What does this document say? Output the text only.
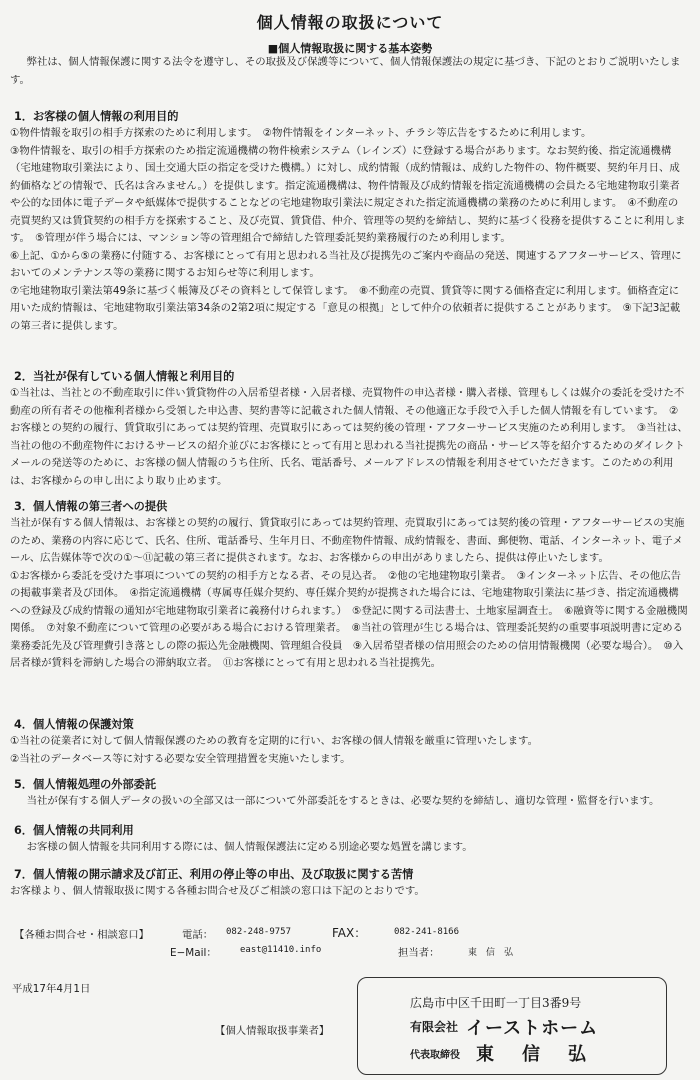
個人情報の取扱について
■個人情報取扱に関する基本姿勢
弊社は、個人情報保護に関する法令を遵守し、その取扱及び保護等について、個人情報保護法の規定に基づき、下記のとおりご説明いたします。
1．お客様の個人情報の利用目的

①物件情報を取引の相手方探索のために利用します。　②物件情報をインターネット、チラシ等広告をするために利用します。

③物件情報を、取引の相手方探索のため指定流通機構の物件検索システム（レインズ）に登録する場合があります。なお契約後、指定流通機構（宅地建物取引業法により、国土交通大臣の指定を受けた機構。）に対し、成約情報（成約情報は、成約した物件の、物件概要、契約年月日、成約価格などの情報で、氏名は含みません。）を提供します。指定流通機構は、物件情報及び成約情報を指定流通機構の会員たる宅地建物取引業者や公的な団体に電子データや紙媒体で提供することなどの宅地建物取引業法に規定された指定流通機構の業務のために利用します。　④不動産の売買契約又は賃貸契約の相手方を探索すること、及び売買、賃貸借、仲介、管理等の契約を締結し、契約に基づく役務を提供することに利用します。　⑤管理が伴う場合には、マンション等の管理組合で締結した管理委託契約業務履行のため利用します。

⑥上記、①から⑤の業務に付随する、お客様にとって有用と思われる当社及び提携先のご案内や商品の発送、関連するアフターサービス、管理においてのメンテナンス等の業務に関するお知らせ等に利用します。

⑦宅地建物取引業法第49条に基づく帳簿及びその資料として保管します。　⑧不動産の売買、賃貸等に関する価格査定に利用します。価格査定に用いた成約情報は、宅地建物取引業法第34条の2第2項に規定する「意見の根拠」として仲介の依頼者に提供することがあります。　⑨下記3記載の第三者に提供します。

2．当社が保有している個人情報と利用目的

①当社は、当社との不動産取引に伴い賃貸物件の入居希望者様・入居者様、売買物件の申込者様・購入者様、管理もしくは媒介の委託を受けた不動産の所有者その他権利者様から受領した申込書、契約書等に記載された個人情報、その他適正な手段で入手した個人情報を有しています。　②お客様との契約の履行、賃貸取引にあっては契約管理、売買取引にあっては契約後の管理・アフターサービス実施のため利用します。　③当社は、当社の他の不動産物件におけるサービスの紹介並びにお客様にとって有用と思われる当社提携先の商品・サービス等を紹介するためのダイレクトメールの発送等のために、お客様の個人情報のうち住所、氏名、電話番号、メールアドレスの情報を利用させていただきます。このための利用は、お客様からの申し出により取り止めます。

3．個人情報の第三者への提供

当社が保有する個人情報は、お客様との契約の履行、賃貸取引にあっては契約管理、売買取引にあっては契約後の管理・アフターサービスの実施のため、業務の内容に応じて、氏名、住所、電話番号、生年月日、不動産物件情報、成約情報を、書面、郵便物、電話、インターネット、電子メール、広告媒体等で次の①〜⑪記載の第三者に提供されます。なお、お客様からの申出がありましたら、提供は停止いたします。

①お客様から委託を受けた事項についての契約の相手方となる者、その見込者。　②他の宅地建物取引業者。　③インターネット広告、その他広告の掲載事業者及び団体。　④指定流通機構（専属専任媒介契約、専任媒介契約が提携された場合には、宅地建物取引業法に基づき、指定流通機構への登録及び成約情報の通知が宅地建物取引業者に義務付けられます。）　⑤登記に関する司法書士、土地家屋調査士。　⑥融資等に関する金融機関関係。　⑦対象不動産について管理の必要がある場合における管理業者。　⑧当社の管理が生じる場合は、管理委託契約の重要事項説明書に定める業務委託先及び管理費引き落としの際の振込先金融機関、管理組合役員　⑨入居希望者様の信用照会のための信用情報機関（必要な場合）。　⑩入居者様が賃料を滞納した場合の滞納取立者。　⑪お客様にとって有用と思われる当社提携先。

4．個人情報の保護対策

①当社の従業者に対して個人情報保護のための教育を定期的に行い、お客様の個人情報を厳重に管理いたします。

②当社のデータベース等に対する必要な安全管理措置を実施いたします。

5．個人情報処理の外部委託

当社が保有する個人データの扱いの全部又は一部について外部委託をするときは、必要な契約を締結し、適切な管理・監督を行います。

6．個人情報の共同利用

お客様の個人情報を共同利用する際には、個人情報保護法に定める別途必要な処置を講じます。

7．個人情報の開示請求及び訂正、利用の停止等の申出、及び取扱に関する苦情

お客様より、個人情報取扱に関する各種お問合せ及びご相談の窓口は下記のとおりです。

【各種お問合せ・相談窓口】	電話： 082-248-9757	FAX：	082-241-8166
E−Mail：	east@11410.info	担当者：	東　信　弘
平成17年4月1日
【個人情報取扱事業者】
広島市中区千田町一丁目3番9号
有限会社 イーストホーム
代表取締役 東信弘
